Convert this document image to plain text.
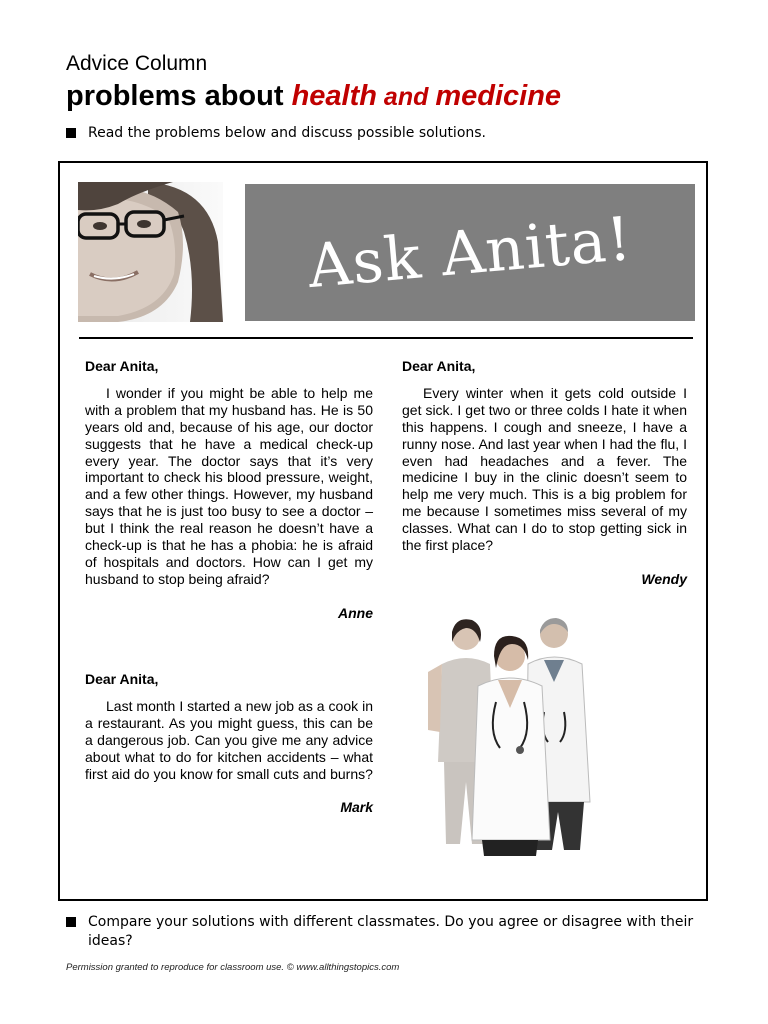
Advice Column
problems about health and medicine
Read the problems below and discuss possible solutions.
Ask Anita!

Dear Anita,

I wonder if you might be able to help me with a problem that my husband has. He is 50 years old and, because of his age, our doctor suggests that he have a medical check-up every year. The doctor says that it’s very important to check his blood pressure, weight, and a few other things. However, my husband says that he is just too busy to see a doctor – but I think the real reason he doesn’t have a check-up is that he has a phobia: he is afraid of hospitals and doctors. How can I get my husband to stop being afraid?

Anne

Dear Anita,

Every winter when it gets cold outside I get sick. I get two or three colds I hate it when this happens. I cough and sneeze, I have a runny nose. And last year when I had the flu, I even had headaches and a fever. The medicine I buy in the clinic doesn’t seem to help me very much. This is a big problem for me because I sometimes miss several of my classes. What can I do to stop getting sick in the first place?

Wendy

Dear Anita,

Last month I started a new job as a cook in a restaurant. As you might guess, this can be a dangerous job. Can you give me any advice about what to do for kitchen accidents – what first aid do you know for small cuts and burns?

Mark
Compare your solutions with different classmates. Do you agree or disagree with their ideas?
Permission granted to reproduce for classroom use. © www.allthingstopics.com
